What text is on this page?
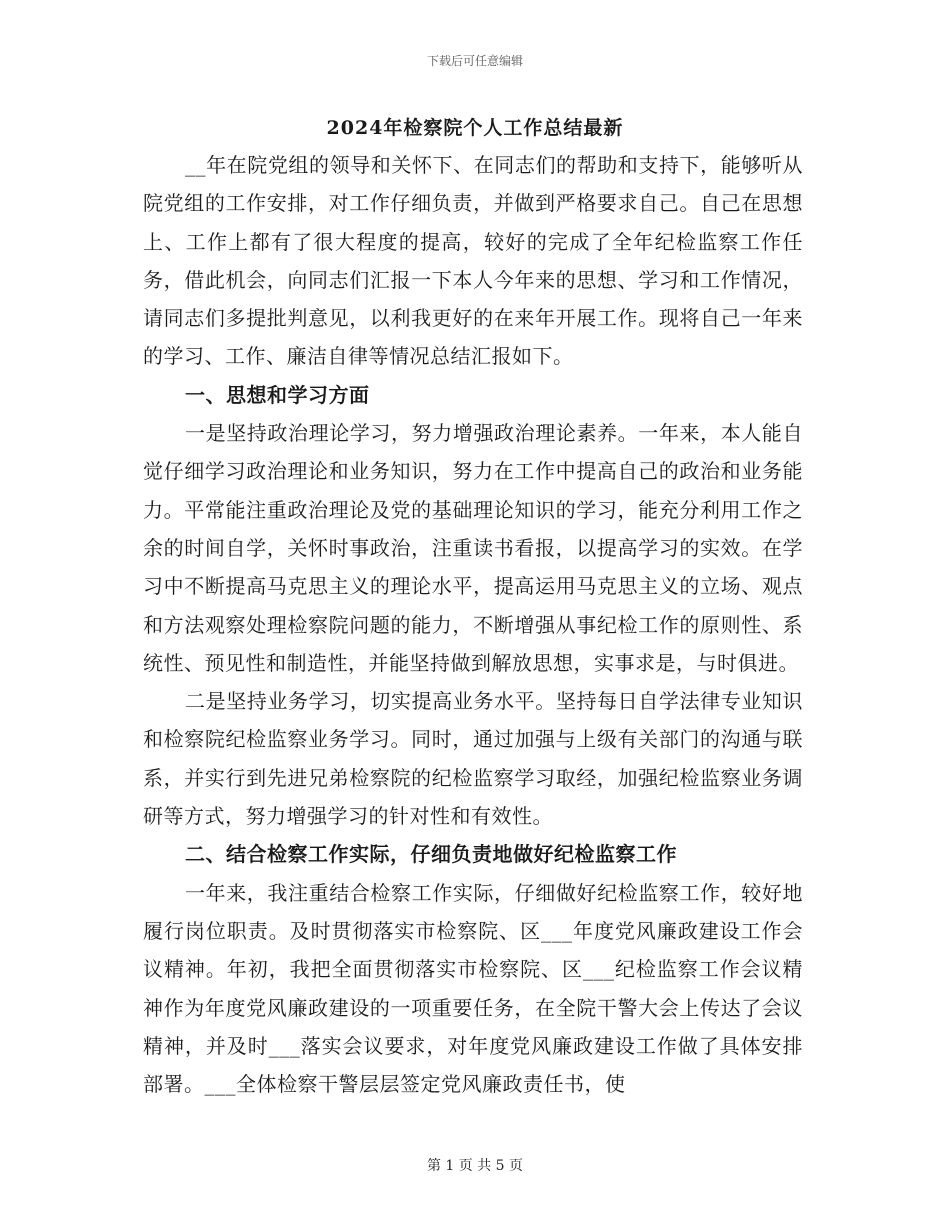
下载后可任意编辑
2024年检察院个人工作总结最新

__年在院党组的领导和关怀下、在同志们的帮助和支持下，能够听从院党组的工作安排，对工作仔细负责，并做到严格要求自己。自己在思想上、工作上都有了很大程度的提高，较好的完成了全年纪检监察工作任务，借此机会，向同志们汇报一下本人今年来的思想、学习和工作情况，请同志们多提批判意见，以利我更好的在来年开展工作。现将自己一年来的学习、工作、廉洁自律等情况总结汇报如下。

一、思想和学习方面

一是坚持政治理论学习，努力增强政治理论素养。一年来，本人能自觉仔细学习政治理论和业务知识，努力在工作中提高自己的政治和业务能力。平常能注重政治理论及党的基础理论知识的学习，能充分利用工作之余的时间自学，关怀时事政治，注重读书看报，以提高学习的实效。在学习中不断提高马克思主义的理论水平，提高运用马克思主义的立场、观点和方法观察处理检察院问题的能力，不断增强从事纪检工作的原则性、系统性、预见性和制造性，并能坚持做到解放思想，实事求是，与时俱进。

二是坚持业务学习，切实提高业务水平。坚持每日自学法律专业知识和检察院纪检监察业务学习。同时，通过加强与上级有关部门的沟通与联系，并实行到先进兄弟检察院的纪检监察学习取经，加强纪检监察业务调研等方式，努力增强学习的针对性和有效性。

二、结合检察工作实际，仔细负责地做好纪检监察工作

一年来，我注重结合检察工作实际，仔细做好纪检监察工作，较好地履行岗位职责。及时贯彻落实市检察院、区___年度党风廉政建设工作会议精神。年初，我把全面贯彻落实市检察院、区___纪检监察工作会议精神作为年度党风廉政建设的一项重要任务，在全院干警大会上传达了会议精神，并及时___落实会议要求，对年度党风廉政建设工作做了具体安排部署。___全体检察干警层层签定党风廉政责任书，使

第 1 页 共 5 页
